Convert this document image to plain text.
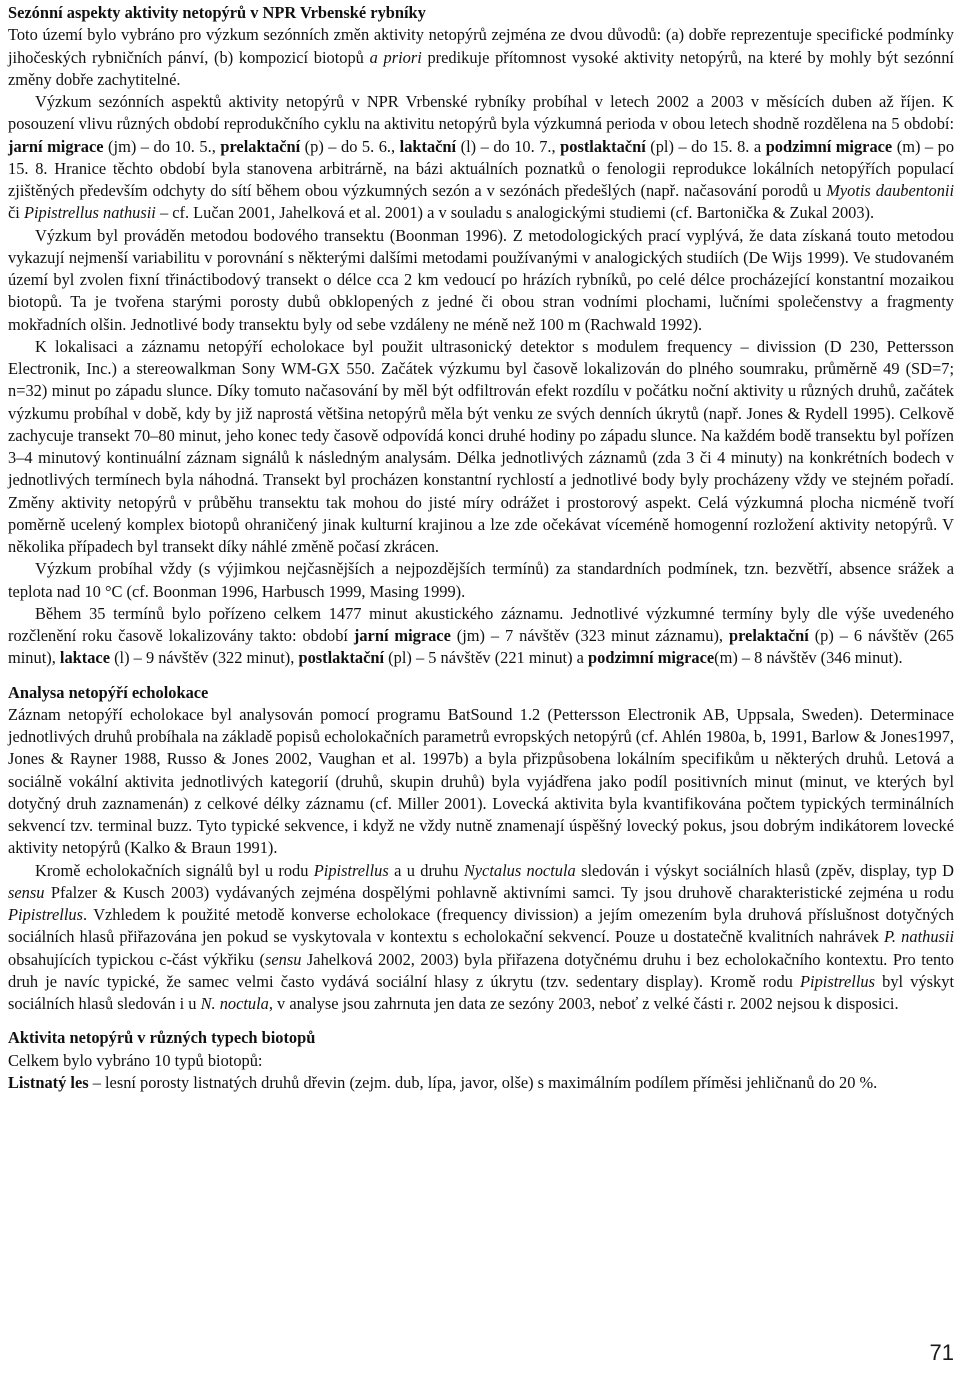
Sezónní aspekty aktivity netopýrů v NPR Vrbenské rybníky

Toto území bylo vybráno pro výzkum sezónních změn aktivity netopýrů zejména ze dvou důvodů: (a) dobře reprezentuje specifické podmínky jihočeských rybničních pánví, (b) kompozicí biotopů a priori predikuje přítomnost vysoké aktivity netopýrů, na které by mohly být sezónní změny dobře zachytitelné.

Výzkum sezónních aspektů aktivity netopýrů v NPR Vrbenské rybníky probíhal v letech 2002 a 2003 v měsících duben až říjen. K posouzení vlivu různých období reprodukčního cyklu na aktivitu netopýrů byla výzkumná perioda v obou letech shodně rozdělena na 5 období: jarní migrace (jm) – do 10. 5., prelaktační (p) – do 5. 6., laktační (l) – do 10. 7., postlaktační (pl) – do 15. 8. a podzimní migrace (m) – po 15. 8. Hranice těchto období byla stanovena arbitrárně, na bázi aktuálních poznatků o fenologii reprodukce lokálních netopýřích populací zjištěných především odchyty do sítí během obou výzkumných sezón a v sezónách předešlých (např. načasování porodů u Myotis daubentonii či Pipistrellus nathusii – cf. Lučan 2001, Jahelková et al. 2001) a v souladu s analogickými studiemi (cf. Bartonička & Zukal 2003).

Výzkum byl prováděn metodou bodového transektu (Boonman 1996). Z metodologických prací vyplývá, že data získaná touto metodou vykazují nejmenší variabilitu v porovnání s některými dalšími metodami používanými v analogických studiích (De Wijs 1999). Ve studovaném území byl zvolen fixní třináctibodový transekt o délce cca 2 km vedoucí po hrázích rybníků, po celé délce procházející konstantní mozaikou biotopů. Ta je tvořena starými porosty dubů obklopených z jedné či obou stran vodními plochami, lučními společenstvy a fragmenty mokřadních olšin. Jednotlivé body transektu byly od sebe vzdáleny ne méně než 100 m (Rachwald 1992).

K lokalisaci a záznamu netopýří echolokace byl použit ultrasonický detektor s modulem frequency – divission (D 230, Pettersson Electronik, Inc.) a stereowalkman Sony WM-GX 550. Začátek výzkumu byl časově lokalizován do plného soumraku, průměrně 49 (SD=7; n=32) minut po západu slunce. Díky tomuto načasování by měl být odfiltrován efekt rozdílu v počátku noční aktivity u různých druhů, začátek výzkumu probíhal v době, kdy by již naprostá většina netopýrů měla být venku ze svých denních úkrytů (např. Jones & Rydell 1995). Celkově zachycuje transekt 70–80 minut, jeho konec tedy časově odpovídá konci druhé hodiny po západu slunce. Na každém bodě transektu byl pořízen 3–4 minutový kontinuální záznam signálů k následným analysám. Délka jednotlivých záznamů (zda 3 či 4 minuty) na konkrétních bodech v jednotlivých termínech byla náhodná. Transekt byl procházen konstantní rychlostí a jednotlivé body byly procházeny vždy ve stejném pořadí. Změny aktivity netopýrů v průběhu transektu tak mohou do jisté míry odrážet i prostorový aspekt. Celá výzkumná plocha nicméně tvoří poměrně ucelený komplex biotopů ohraničený jinak kulturní krajinou a lze zde očekávat víceméně homogenní rozložení aktivity netopýrů. V několika případech byl transekt díky náhlé změně počasí zkrácen.

Výzkum probíhal vždy (s výjimkou nejčasnějších a nejpozdějších termínů) za standardních podmínek, tzn. bezvětří, absence srážek a teplota nad 10 °C (cf. Boonman 1996, Harbusch 1999, Masing 1999).

Během 35 termínů bylo pořízeno celkem 1477 minut akustického záznamu. Jednotlivé výzkumné termíny byly dle výše uvedeného rozčlenění roku časově lokalizovány takto: období jarní migrace (jm) – 7 návštěv (323 minut záznamu), prelaktační (p) – 6 návštěv (265 minut), laktace (l) – 9 návštěv (322 minut), postlaktační (pl) – 5 návštěv (221 minut) a podzimní migrace(m) – 8 návštěv (346 minut).

Analysa netopýří echolokace

Záznam netopýří echolokace byl analysován pomocí programu BatSound 1.2 (Pettersson Electronik AB, Uppsala, Sweden). Determinace jednotlivých druhů probíhala na základě popisů echolokačních parametrů evropských netopýrů (cf. Ahlén 1980a, b, 1991, Barlow & Jones1997, Jones & Rayner 1988, Russo & Jones 2002, Vaughan et al. 1997b) a byla přizpůsobena lokálním specifikům u některých druhů. Letová a sociálně vokální aktivita jednotlivých kategorií (druhů, skupin druhů) byla vyjádřena jako podíl positivních minut (minut, ve kterých byl dotyčný druh zaznamenán) z celkové délky záznamu (cf. Miller 2001). Lovecká aktivita byla kvantifikována počtem typických terminálních sekvencí tzv. terminal buzz. Tyto typické sekvence, i když ne vždy nutně znamenají úspěšný lovecký pokus, jsou dobrým indikátorem lovecké aktivity netopýrů (Kalko & Braun 1991).

Kromě echolokačních signálů byl u rodu Pipistrellus a u druhu Nyctalus noctula sledován i výskyt sociálních hlasů (zpěv, display, typ D sensu Pfalzer & Kusch 2003) vydávaných zejména dospělými pohlavně aktivními samci. Ty jsou druhově charakteristické zejména u rodu Pipistrellus. Vzhledem k použité metodě konverse echolokace (frequency divission) a jejím omezením byla druhová příslušnost dotyčných sociálních hlasů přiřazována jen pokud se vyskytovala v kontextu s echolokační sekvencí. Pouze u dostatečně kvalitních nahrávek P. nathusii obsahujících typickou c-část výkřiku (sensu Jahelková 2002, 2003) byla přiřazena dotyčnému druhu i bez echolokačního kontextu. Pro tento druh je navíc typické, že samec velmi často vydává sociální hlasy z úkrytu (tzv. sedentary display). Kromě rodu Pipistrellus byl výskyt sociálních hlasů sledován i u N. noctula, v analyse jsou zahrnuta jen data ze sezóny 2003, neboť z velké části r. 2002 nejsou k disposici.

Aktivita netopýrů v různých typech biotopů

Celkem bylo vybráno 10 typů biotopů:

Listnatý les – lesní porosty listnatých druhů dřevin (zejm. dub, lípa, javor, olše) s maximálním podílem příměsi jehličnanů do 20 %.

71
